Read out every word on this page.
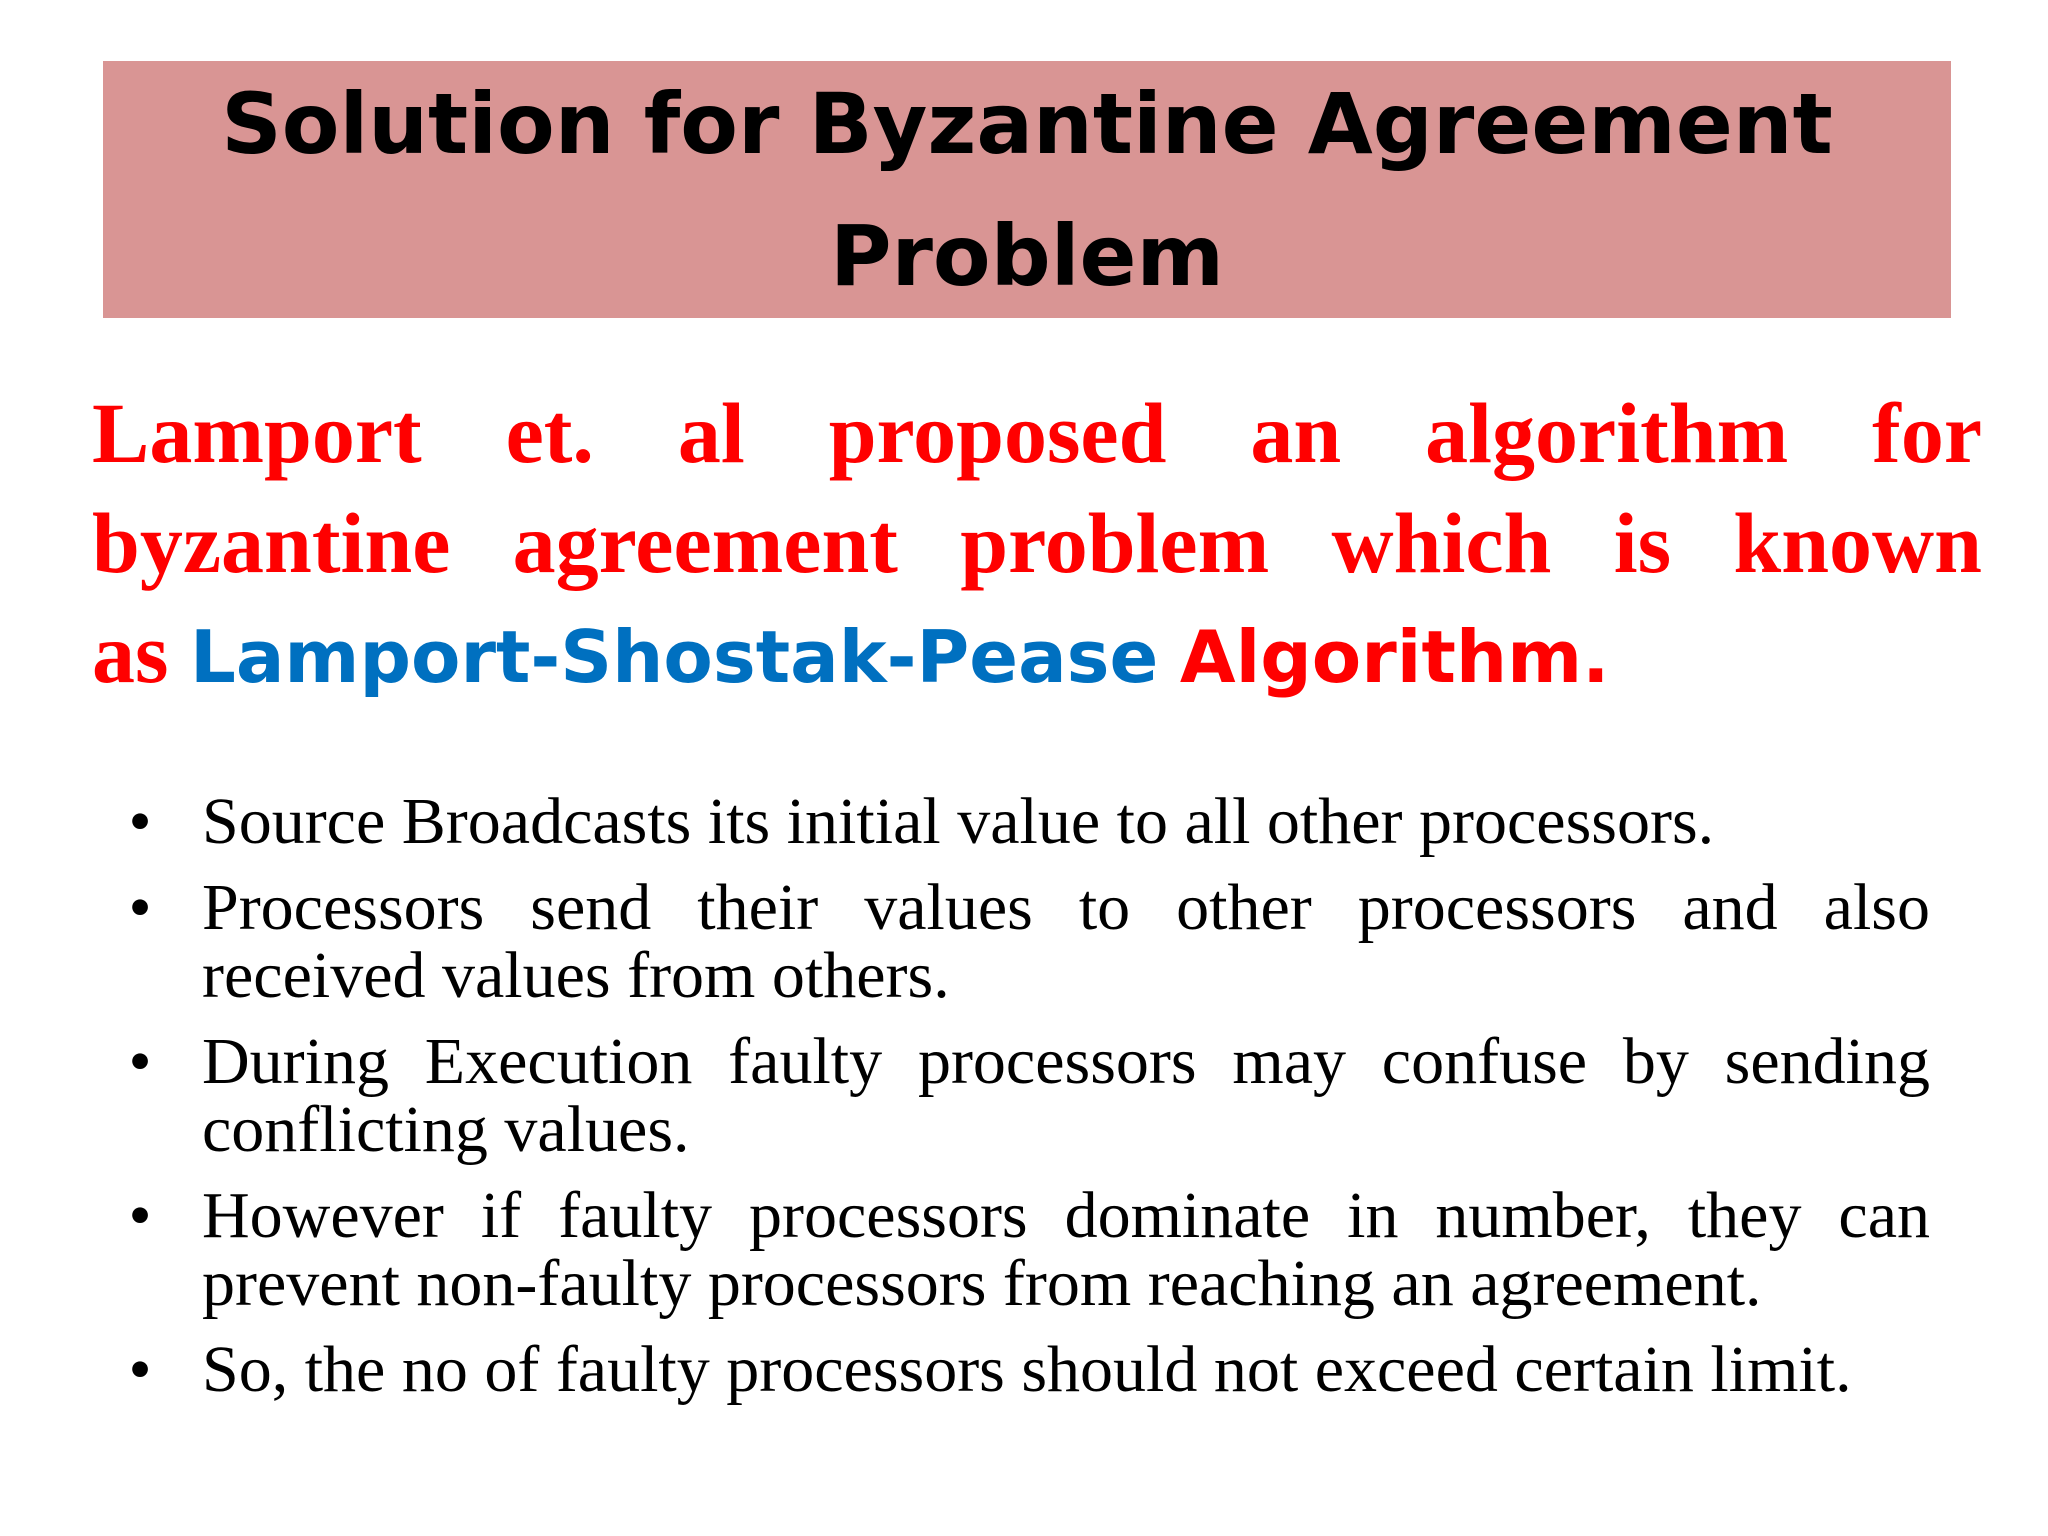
Solution for Byzantine Agreement
Problem
Lamport et. al proposed an algorithm for
byzantine agreement problem which is known
as Lamport-Shostak-Pease Algorithm.
• Source Broadcasts its initial value to all other processors.
• Processors send their values to other processors and also received values from others.
• During Execution faulty processors may confuse by sending conflicting values.
• However if faulty processors dominate in number, they can prevent non-faulty processors from reaching an agreement.
• So, the no of faulty processors should not exceed certain limit.
